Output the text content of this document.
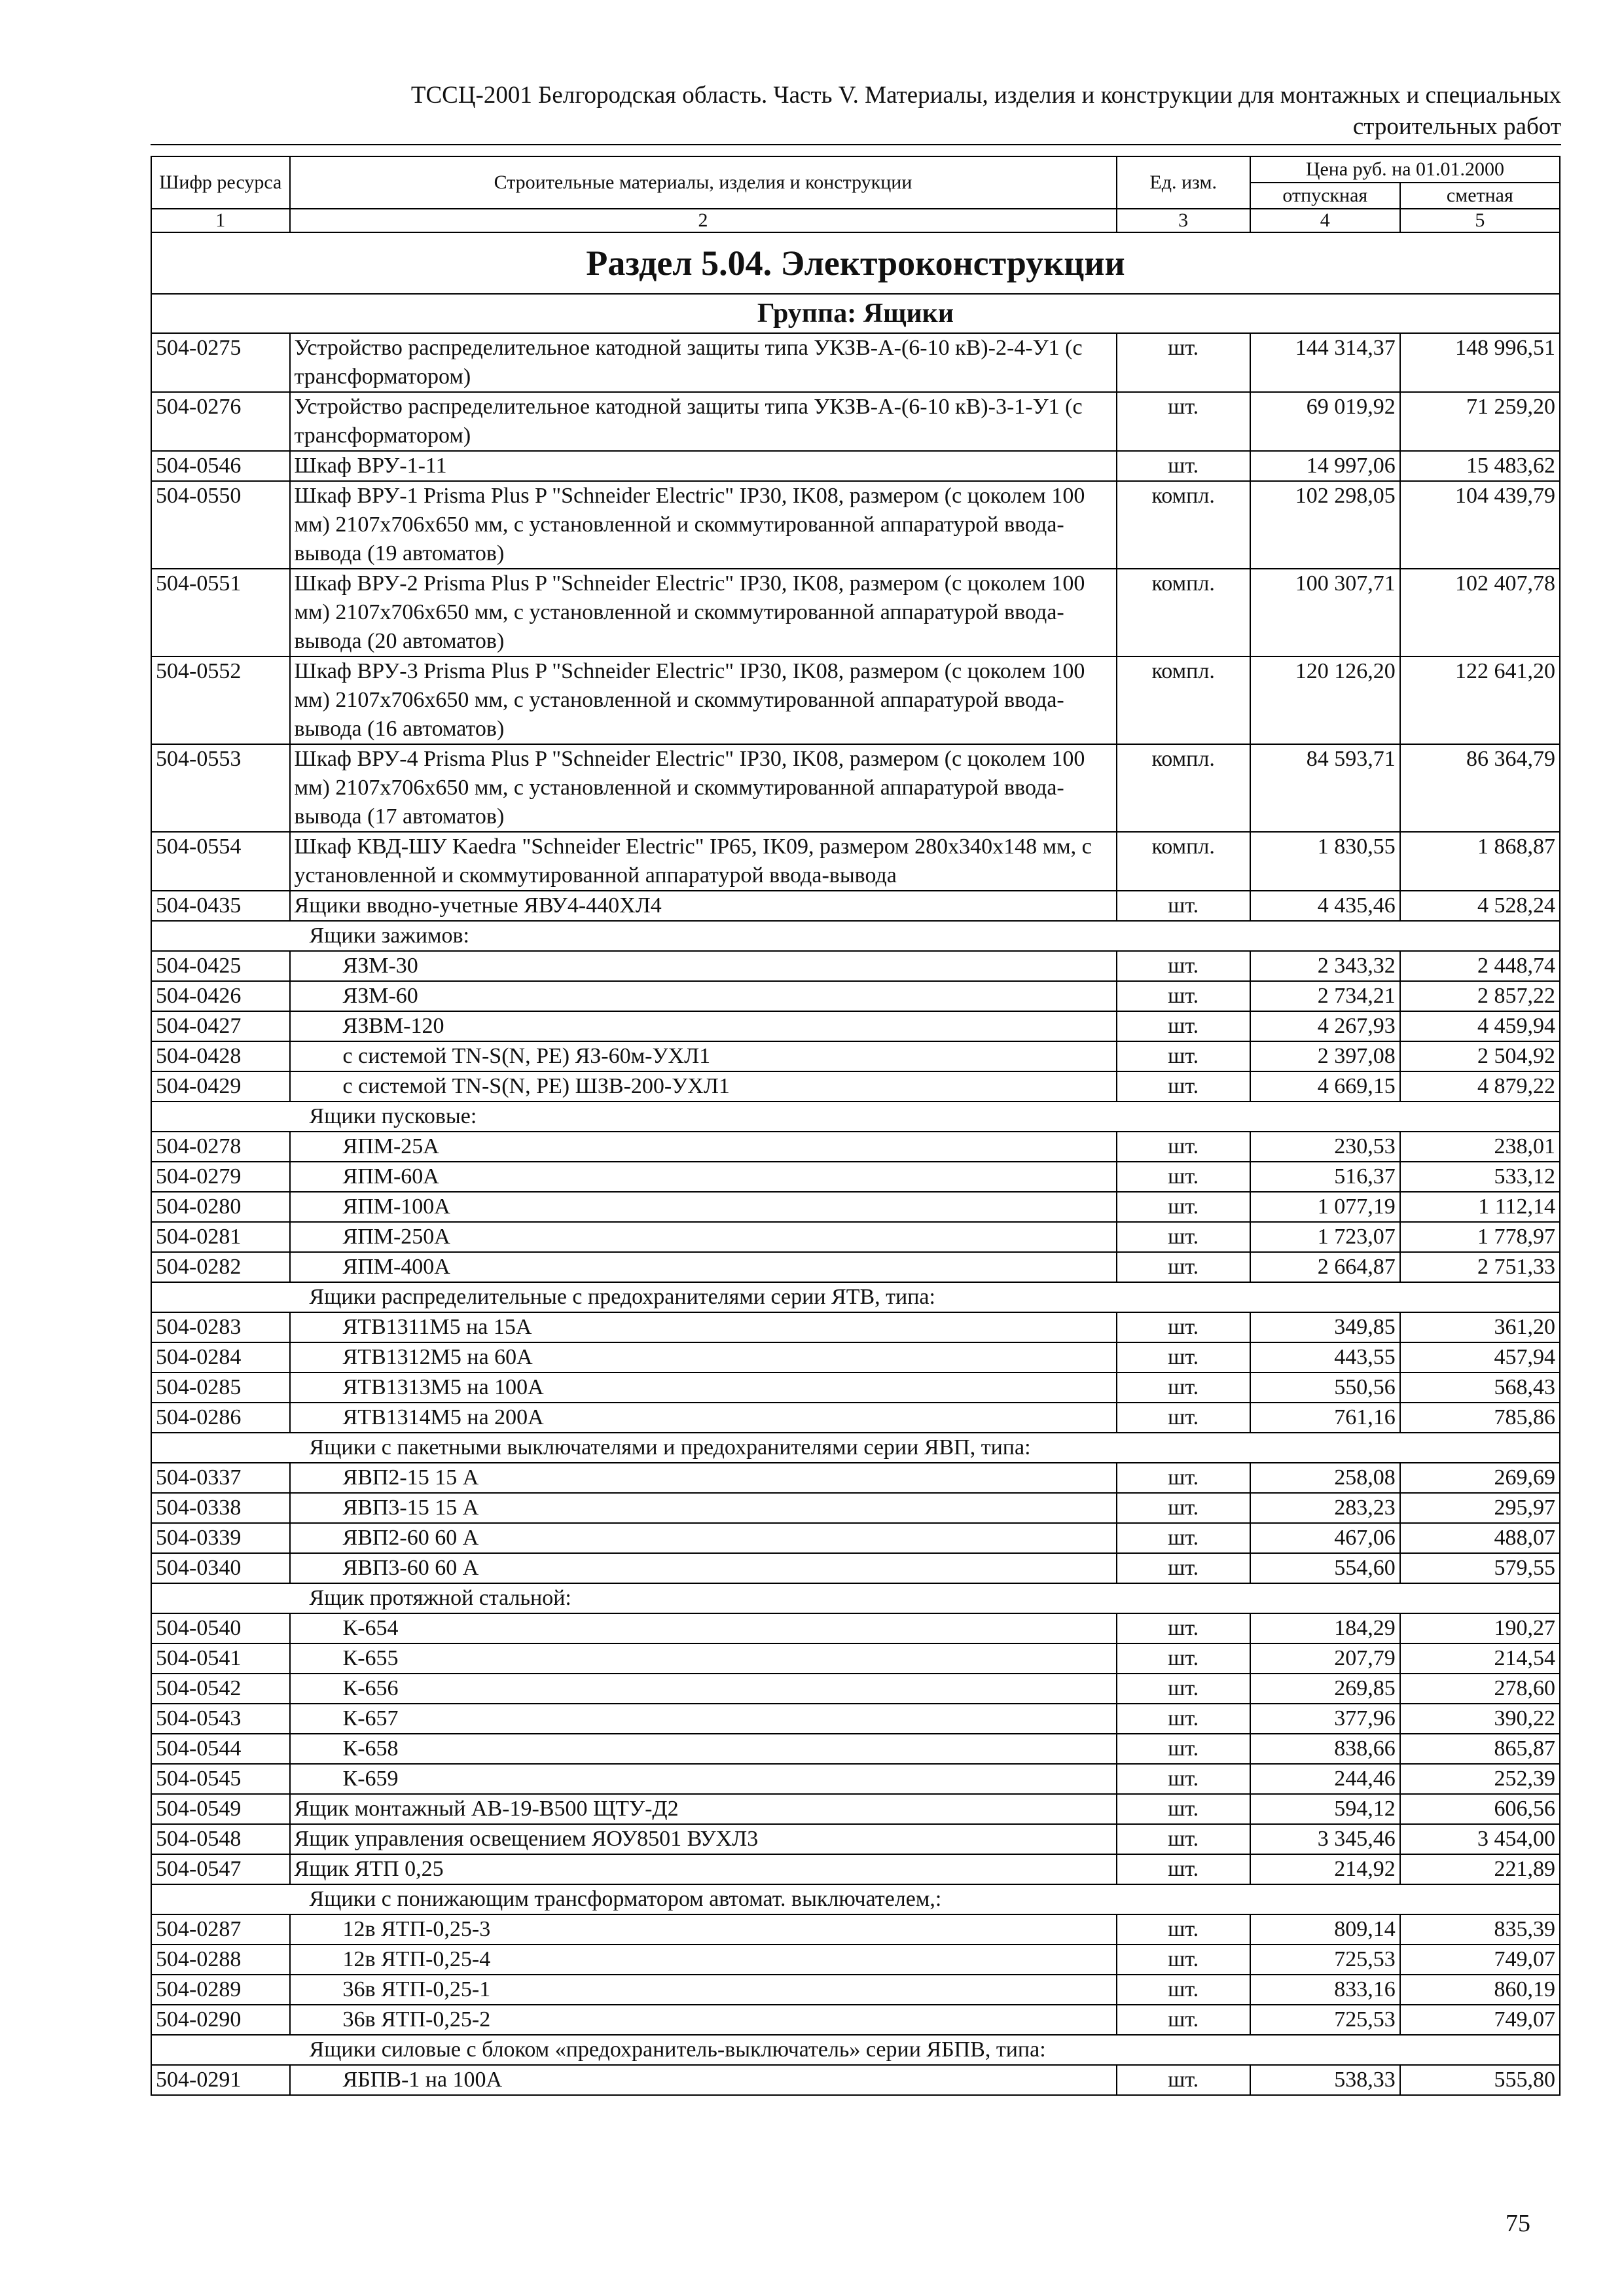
ТССЦ-2001 Белгородская область. Часть V. Материалы, изделия и конструкции для монтажных и специальных
строительных работ
Шифр ресурса	Строительные материалы, изделия и конструкции	Ед. изм.	Цена руб. на 01.01.2000	
			отпускная	сметная
1	2	3	4	5
Раздел 5.04. Электроконструкции				
Группа: Ящики				
504-0275	Устройство распределительное катодной защиты типа УКЗВ-А-(6-10 кВ)-2-4-У1 (с трансформатором)	шт.	144 314,37	148 996,51
504-0276	Устройство распределительное катодной защиты типа УКЗВ-А-(6-10 кВ)-3-1-У1 (с трансформатором)	шт.	69 019,92	71 259,20
504-0546	Шкаф ВРУ-1-11	шт.	14 997,06	15 483,62
504-0550	Шкаф ВРУ-1 Prisma Plus P "Schneider Electric" IP30, IK08, размером (с цоколем 100 мм) 2107x706x650 мм, с установленной и скоммутированной аппаратурой ввода-вывода (19 автоматов)	компл.	102 298,05	104 439,79
504-0551	Шкаф ВРУ-2 Prisma Plus P "Schneider Electric" IP30, IK08, размером (с цоколем 100 мм) 2107x706x650 мм, с установленной и скоммутированной аппаратурой ввода-вывода (20 автоматов)	компл.	100 307,71	102 407,78
504-0552	Шкаф ВРУ-3 Prisma Plus P "Schneider Electric" IP30, IK08, размером (с цоколем 100 мм) 2107x706x650 мм, с установленной и скоммутированной аппаратурой ввода-вывода (16 автоматов)	компл.	120 126,20	122 641,20
504-0553	Шкаф ВРУ-4 Prisma Plus P "Schneider Electric" IP30, IK08, размером (с цоколем 100 мм) 2107x706x650 мм, с установленной и скоммутированной аппаратурой ввода-вывода (17 автоматов)	компл.	84 593,71	86 364,79
504-0554	Шкаф КВД-ШУ Kaedra "Schneider Electric" IP65, IK09, размером 280x340x148 мм, с установленной и скоммутированной аппаратурой ввода-вывода	компл.	1 830,55	1 868,87
504-0435	Ящики вводно-учетные ЯВУ4-440ХЛ4	шт.	4 435,46	4 528,24
	Ящики зажимов:			
504-0425	ЯЗМ-30	шт.	2 343,32	2 448,74
504-0426	ЯЗМ-60	шт.	2 734,21	2 857,22
504-0427	ЯЗВМ-120	шт.	4 267,93	4 459,94
504-0428	с системой TN-S(N, PE) ЯЗ-60м-УХЛ1	шт.	2 397,08	2 504,92
504-0429	с системой TN-S(N, PE) ШЗВ-200-УХЛ1	шт.	4 669,15	4 879,22
	Ящики пусковые:			
504-0278	ЯПМ-25А	шт.	230,53	238,01
504-0279	ЯПМ-60А	шт.	516,37	533,12
504-0280	ЯПМ-100А	шт.	1 077,19	1 112,14
504-0281	ЯПМ-250А	шт.	1 723,07	1 778,97
504-0282	ЯПМ-400А	шт.	2 664,87	2 751,33
	Ящики распределительные с предохранителями серии ЯТВ, типа:			
504-0283	ЯТВ1311М5 на 15А	шт.	349,85	361,20
504-0284	ЯТВ1312М5 на 60А	шт.	443,55	457,94
504-0285	ЯТВ1313М5 на 100А	шт.	550,56	568,43
504-0286	ЯТВ1314М5 на 200А	шт.	761,16	785,86
	Ящики с пакетными выключателями и предохранителями серии ЯВП, типа:			
504-0337	ЯВП2-15 15 А	шт.	258,08	269,69
504-0338	ЯВП3-15 15 А	шт.	283,23	295,97
504-0339	ЯВП2-60 60 А	шт.	467,06	488,07
504-0340	ЯВП3-60 60 А	шт.	554,60	579,55
	Ящик протяжной стальной:			
504-0540	К-654	шт.	184,29	190,27
504-0541	К-655	шт.	207,79	214,54
504-0542	К-656	шт.	269,85	278,60
504-0543	К-657	шт.	377,96	390,22
504-0544	К-658	шт.	838,66	865,87
504-0545	К-659	шт.	244,46	252,39
504-0549	Ящик монтажный АВ-19-В500 ЩТУ-Д2	шт.	594,12	606,56
504-0548	Ящик управления освещением ЯОУ8501 ВУХЛ3	шт.	3 345,46	3 454,00
504-0547	Ящик ЯТП 0,25	шт.	214,92	221,89
	Ящики с понижающим трансформатором автомат. выключателем,:			
504-0287	12в ЯТП-0,25-3	шт.	809,14	835,39
504-0288	12в ЯТП-0,25-4	шт.	725,53	749,07
504-0289	36в ЯТП-0,25-1	шт.	833,16	860,19
504-0290	36в ЯТП-0,25-2	шт.	725,53	749,07
	Ящики силовые с блоком «предохранитель-выключатель» серии ЯБПВ, типа:			
504-0291	ЯБПВ-1 на 100А	шт.	538,33	555,80
75
